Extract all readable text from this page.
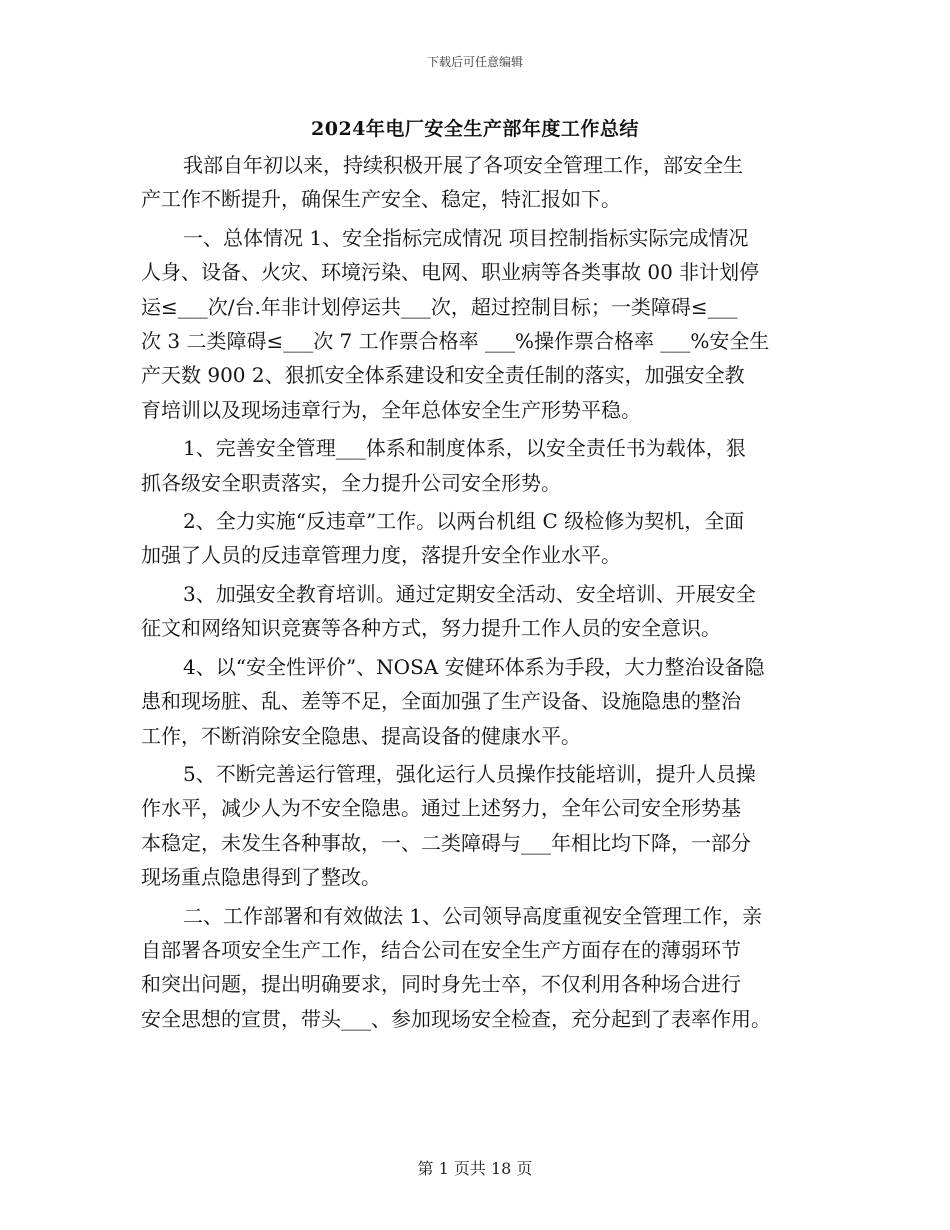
下载后可任意编辑
2024年电厂安全生产部年度工作总结

我部自年初以来，持续积极开展了各项安全管理工作，部安全生
产工作不断提升，确保生产安全、稳定，特汇报如下。

一、总体情况 1、安全指标完成情况 项目控制指标实际完成情况
人身、设备、火灾、环境污染、电网、职业病等各类事故 00 非计划停
运≤___次/台.年非计划停运共___次，超过控制目标；一类障碍≤___
次 3 二类障碍≤___次 7 工作票合格率 ___%操作票合格率 ___%安全生
产天数 900 2、狠抓安全体系建设和安全责任制的落实，加强安全教
育培训以及现场违章行为，全年总体安全生产形势平稳。

1、完善安全管理___体系和制度体系，以安全责任书为载体，狠
抓各级安全职责落实，全力提升公司安全形势。

2、全力实施“反违章”工作。以两台机组 C 级检修为契机，全面
加强了人员的反违章管理力度，落提升安全作业水平。

3、加强安全教育培训。通过定期安全活动、安全培训、开展安全
征文和网络知识竞赛等各种方式，努力提升工作人员的安全意识。

4、以“安全性评价”、NOSA 安健环体系为手段，大力整治设备隐
患和现场脏、乱、差等不足，全面加强了生产设备、设施隐患的整治
工作，不断消除安全隐患、提高设备的健康水平。

5、不断完善运行管理，强化运行人员操作技能培训，提升人员操
作水平，减少人为不安全隐患。通过上述努力，全年公司安全形势基
本稳定，未发生各种事故，一、二类障碍与___年相比均下降，一部分
现场重点隐患得到了整改。

二、工作部署和有效做法 1、公司领导高度重视安全管理工作，亲
自部署各项安全生产工作，结合公司在安全生产方面存在的薄弱环节
和突出问题，提出明确要求，同时身先士卒，不仅利用各种场合进行
安全思想的宣贯，带头___、参加现场安全检查，充分起到了表率作用。

第 1 页共 18 页
